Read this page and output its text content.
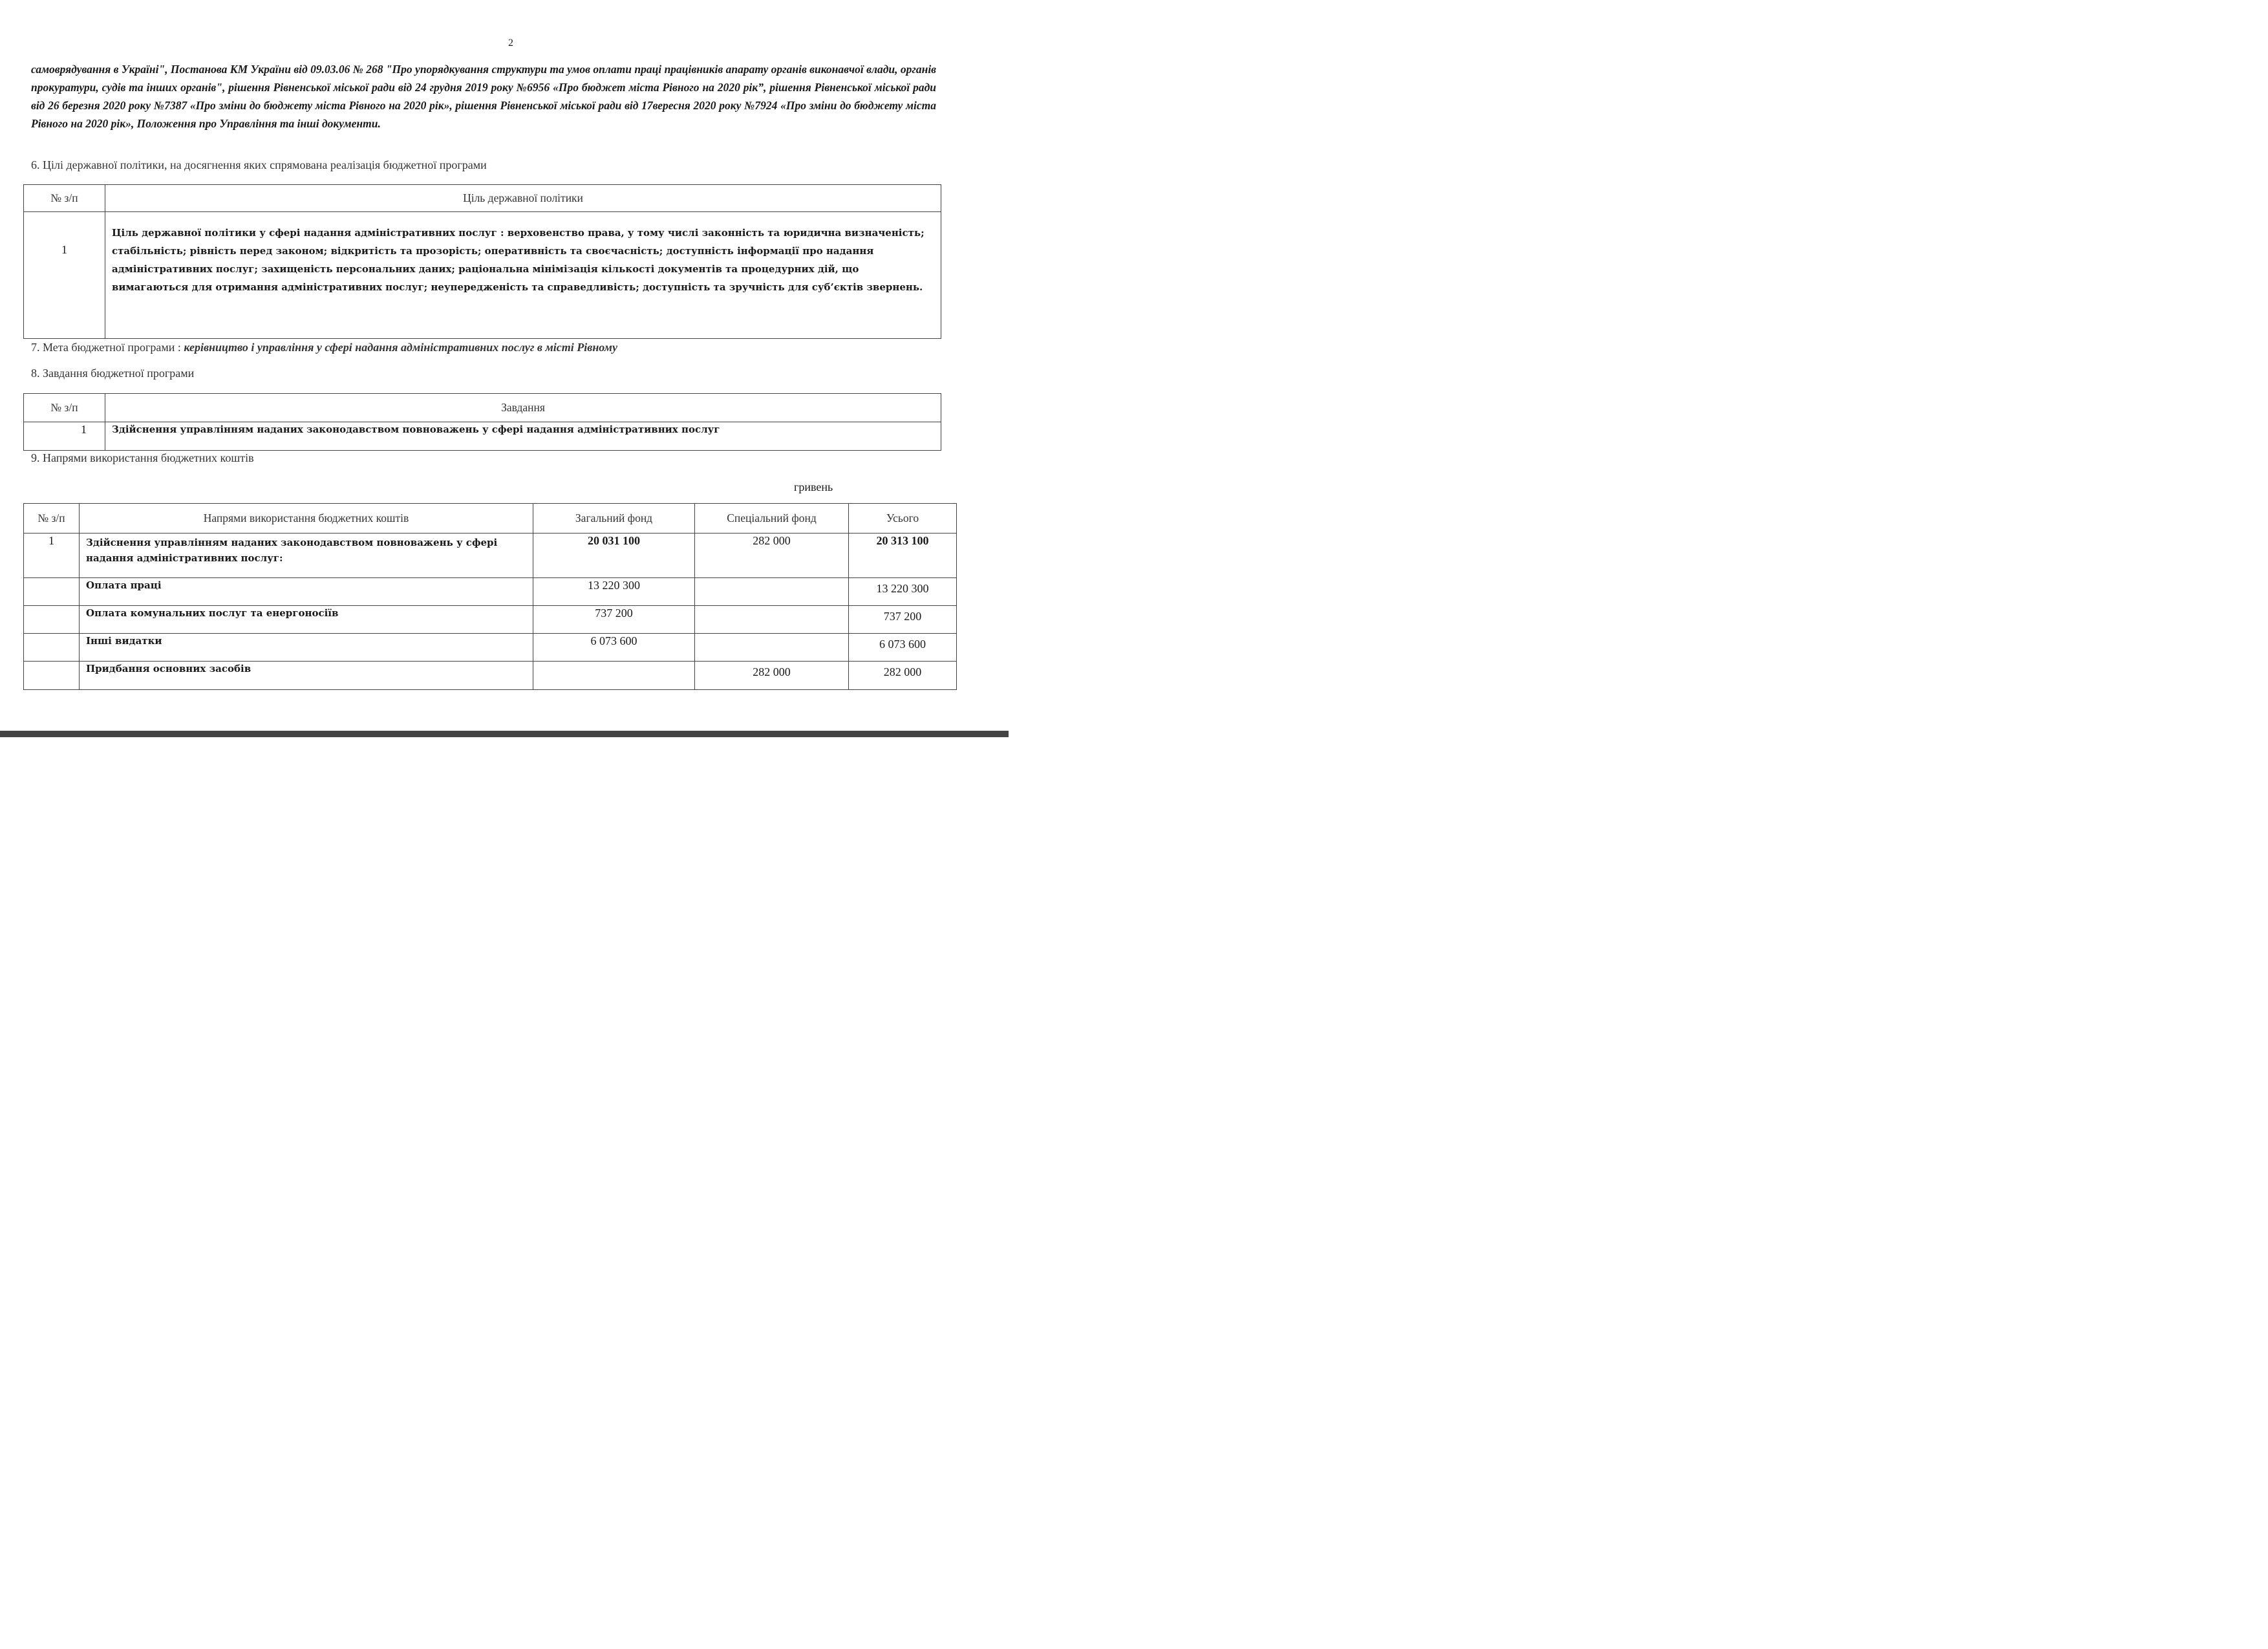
2
самоврядування в Україні", Постанова КМ України від 09.03.06 № 268 "Про упорядкування структури та умов оплати праці працівників апарату органів виконавчої влади, органів прокуратури, судів та інших органів", рішення Рівненської міської ради від 24 грудня 2019 року №6956 «Про бюджет міста Рівного на 2020 рік”, рішення Рівненської міської ради від 26 березня 2020 року №7387 «Про зміни до бюджету міста Рівного на 2020 рік», рішення Рівненської міської ради від 17вересня 2020 року №7924 «Про зміни до бюджету міста Рівного на 2020 рік», Положення про Управління та інші документи.
6. Цілі державної політики, на досягнення яких спрямована реалізація бюджетної програми
№ з/п	Ціль державної політики
1	Ціль державної політики у сфері надання адміністративних послуг : верховенство права, у тому числі законність та юридична визначеність; стабільність; рівність перед законом; відкритість та прозорість; оперативність та своєчасність; доступність інформації про надання адміністративних послуг; захищеність персональних даних; раціональна мінімізація кількості документів та процедурних дій, що вимагаються для отримання адміністративних послуг; неупередженість та справедливість; доступність та зручність для суб’єктів звернень.
7. Мета бюджетної програми : керівництво і управління у сфері надання адміністративних послуг в місті Рівному
8. Завдання бюджетної програми
№ з/п	Завдання
1	Здійснення управлінням наданих законодавством повноважень у сфері надання адміністративних послуг
9. Напрями використання бюджетних коштів
гривень
№ з/п	Напрями використання бюджетних коштів	Загальний фонд	Спеціальний фонд	Усього
1	Здійснення управлінням наданих законодавством повноважень у сфері надання адміністративних послуг:	20 031 100	282 000	20 313 100
	Оплата праці	13 220 300		13 220 300
	Оплата комунальних послуг та енергоносіїв	737 200		737 200
	Інші видатки	6 073 600		6 073 600
	Придбання основних засобів		282 000	282 000
